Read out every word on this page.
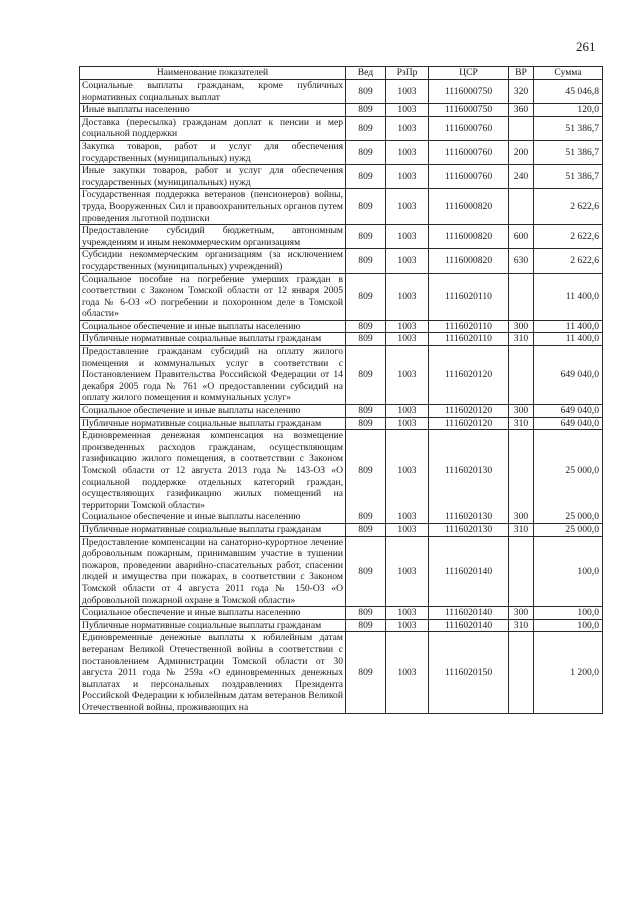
261
Наименование показателей	Вед	РзПр	ЦСР	ВР	Сумма
Социальные выплаты гражданам, кроме публичных нормативных социальных выплат	809	1003	1116000750	320	45 046,8
Иные выплаты населению	809	1003	1116000750	360	120,0
Доставка (пересылка) гражданам доплат к пенсии и мер социальной поддержки	809	1003	1116000760		51 386,7
Закупка товаров, работ и услуг для обеспечения государственных (муниципальных) нужд	809	1003	1116000760	200	51 386,7
Иные закупки товаров, работ и услуг для обеспечения государственных (муниципальных) нужд	809	1003	1116000760	240	51 386,7
Государственная поддержка ветеранов (пенсионеров) войны, труда, Вооруженных Сил и правоохранительных органов путем проведения льготной подписки	809	1003	1116000820		2 622,6
Предоставление субсидий бюджетным, автономным учреждениям и иным некоммерческим организациям	809	1003	1116000820	600	2 622,6
Субсидии некоммерческим организациям (за исключением государственных (муниципальных) учреждений)	809	1003	1116000820	630	2 622,6
Социальное пособие на погребение умерших граждан в соответствии с Законом Томской области от 12 января 2005 года № 6-ОЗ «О погребении и похоронном деле в Томской области»	809	1003	1116020110		11 400,0
Социальное обеспечение и иные выплаты населению	809	1003	1116020110	300	11 400,0
Публичные нормативные социальные выплаты гражданам	809	1003	1116020110	310	11 400,0
Предоставление гражданам субсидий на оплату жилого помещения и коммунальных услуг в соответствии с Постановлением Правительства Российской Федерации от 14 декабря 2005 года № 761 «О предоставлении субсидий на оплату жилого помещения и коммунальных услуг»	809	1003	1116020120		649 040,0
Социальное обеспечение и иные выплаты населению	809	1003	1116020120	300	649 040,0
Публичные нормативные социальные выплаты гражданам	809	1003	1116020120	310	649 040,0
Единовременная денежная компенсация на возмещение произведенных расходов гражданам, осуществляющим газификацию жилого помещения, в соответствии с Законом Томской области от 12 августа 2013 года № 143-ОЗ «О социальной поддержке отдельных категорий граждан, осуществляющих газификацию жилых помещений на территории Томской области»	809	1003	1116020130		25 000,0
Социальное обеспечение и иные выплаты населению	809	1003	1116020130	300	25 000,0
Публичные нормативные социальные выплаты гражданам	809	1003	1116020130	310	25 000,0
Предоставление компенсации на санаторно-курортное лечение добровольным пожарным, принимавшим участие в тушении пожаров, проведении аварийно-спасательных работ, спасении людей и имущества при пожарах, в соответствии с Законом Томской области от 4 августа 2011 года № 150-ОЗ «О добровольной пожарной охране в Томской области»	809	1003	1116020140		100,0
Социальное обеспечение и иные выплаты населению	809	1003	1116020140	300	100,0
Публичные нормативные социальные выплаты гражданам	809	1003	1116020140	310	100,0
Единовременные денежные выплаты к юбилейным датам ветеранам Великой Отечественной войны в соответствии с постановлением Администрации Томской области от 30 августа 2011 года № 259а «О единовременных денежных выплатах и персональных поздравлениях Президента Российской Федерации к юбилейным датам ветеранов Великой Отечественной войны, проживающих на	809	1003	1116020150		1 200,0
